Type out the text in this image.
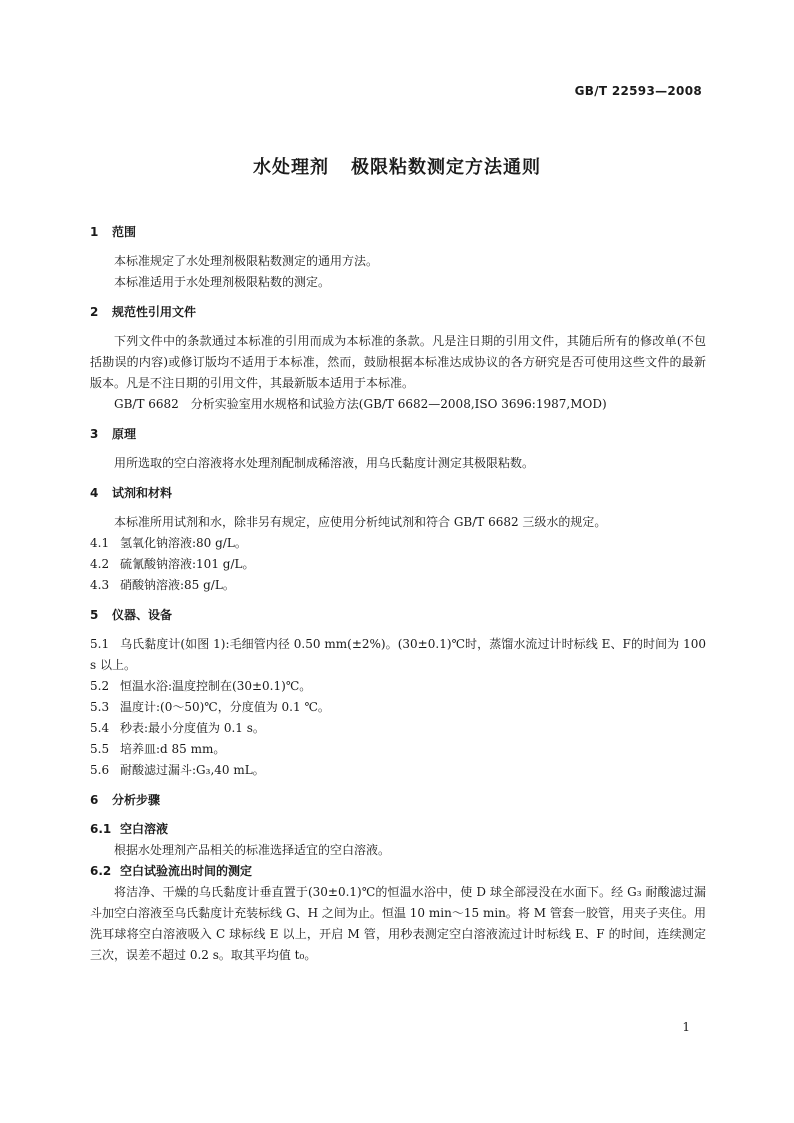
GB/T 22593—2008
水处理剂 极限粘数测定方法通则
1 范围

本标准规定了水处理剂极限粘数测定的通用方法。

本标准适用于水处理剂极限粘数的测定。

2 规范性引用文件

下列文件中的条款通过本标准的引用而成为本标准的条款。凡是注日期的引用文件，其随后所有的修改单(不包括勘误的内容)或修订版均不适用于本标准，然而，鼓励根据本标准达成协议的各方研究是否可使用这些文件的最新版本。凡是不注日期的引用文件，其最新版本适用于本标准。

GB/T 6682　分析实验室用水规格和试验方法(GB/T 6682—2008,ISO 3696:1987,MOD)

3 原理

用所选取的空白溶液将水处理剂配制成稀溶液，用乌氏黏度计测定其极限粘数。

4 试剂和材料

本标准所用试剂和水，除非另有规定，应使用分析纯试剂和符合 GB/T 6682 三级水的规定。

4.1 氢氧化钠溶液:80 g/L。

4.2 硫氰酸钠溶液:101 g/L。

4.3 硝酸钠溶液:85 g/L。

5 仪器、设备

5.1 乌氏黏度计(如图 1):毛细管内径 0.50 mm(±2%)。(30±0.1)℃时，蒸馏水流过计时标线 E、F的时间为 100 s 以上。

5.2 恒温水浴:温度控制在(30±0.1)℃。

5.3 温度计:(0～50)℃，分度值为 0.1 ℃。

5.4 秒表:最小分度值为 0.1 s。

5.5 培养皿:d 85 mm。

5.6 耐酸滤过漏斗:G₃,40 mL。

6 分析步骤
6.1 空白溶液

根据水处理剂产品相关的标准选择适宜的空白溶液。

6.2 空白试验流出时间的测定

将洁净、干燥的乌氏黏度计垂直置于(30±0.1)℃的恒温水浴中，使 D 球全部浸没在水面下。经 G₃ 耐酸滤过漏斗加空白溶液至乌氏黏度计充装标线 G、H 之间为止。恒温 10 min～15 min。将 M 管套一胶管，用夹子夹住。用洗耳球将空白溶液吸入 C 球标线 E 以上，开启 M 管，用秒表测定空白溶液流过计时标线 E、F 的时间，连续测定三次，误差不超过 0.2 s。取其平均值 t₀。

1
